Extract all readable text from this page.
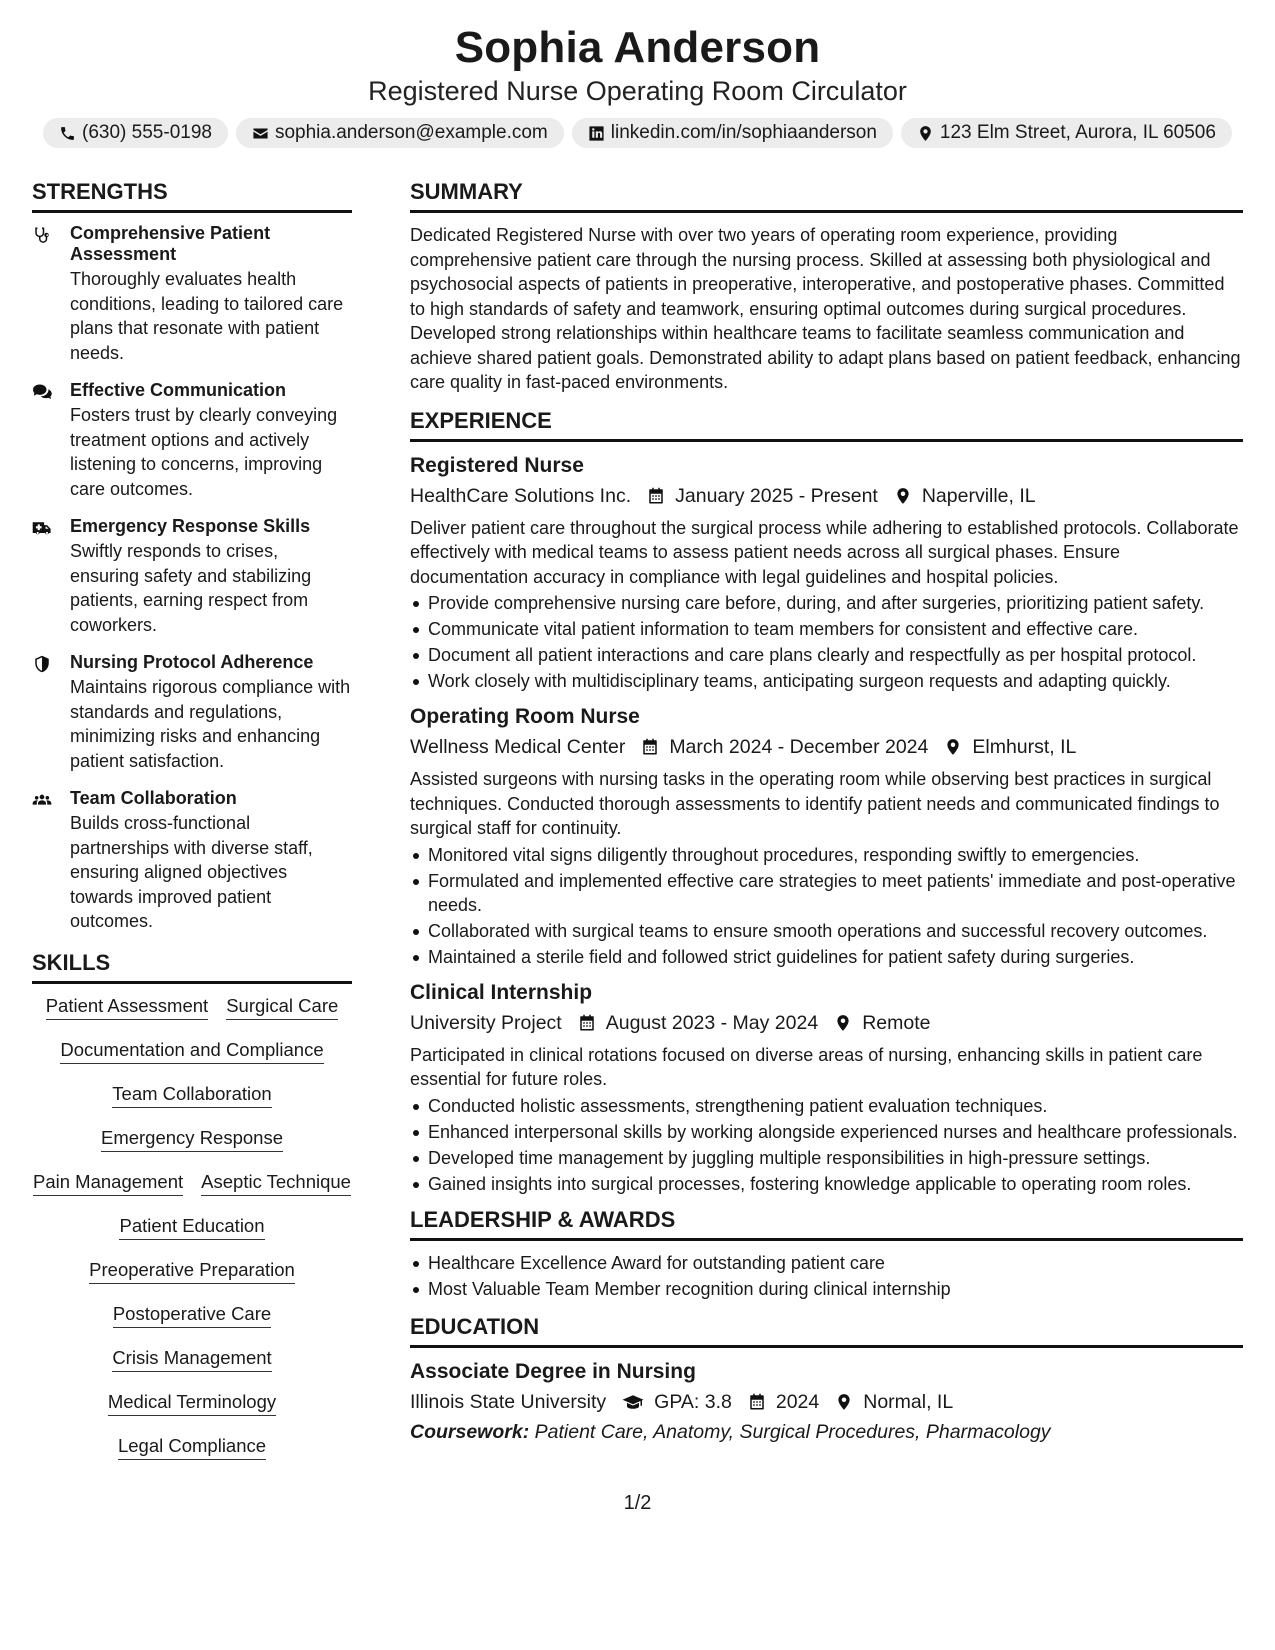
Sophia Anderson
Registered Nurse Operating Room Circulator
(630) 555-0198	sophia.anderson@example.com	linkedin.com/in/sophiaanderson	123 Elm Street, Aurora, IL 60506
STRENGTHS
Comprehensive Patient Assessment
Thoroughly evaluates health conditions, leading to tailored care plans that resonate with patient needs.
Effective Communication
Fosters trust by clearly conveying treatment options and actively listening to concerns, improving care outcomes.
Emergency Response Skills
Swiftly responds to crises, ensuring safety and stabilizing patients, earning respect from coworkers.
Nursing Protocol Adherence
Maintains rigorous compliance with standards and regulations, minimizing risks and enhancing patient satisfaction.
Team Collaboration
Builds cross-functional partnerships with diverse staff, ensuring aligned objectives towards improved patient outcomes.
SKILLS
Patient Assessment Surgical Care
Documentation and Compliance
Team Collaboration
Emergency Response
Pain Management Aseptic Technique
Patient Education
Preoperative Preparation
Postoperative Care
Crisis Management
Medical Terminology
Legal Compliance
SUMMARY
Dedicated Registered Nurse with over two years of operating room experience, providing comprehensive patient care through the nursing process. Skilled at assessing both physiological and psychosocial aspects of patients in preoperative, interoperative, and postoperative phases. Committed to high standards of safety and teamwork, ensuring optimal outcomes during surgical procedures. Developed strong relationships within healthcare teams to facilitate seamless communication and achieve shared patient goals. Demonstrated ability to adapt plans based on patient feedback, enhancing care quality in fast-paced environments.
EXPERIENCE
Registered Nurse
HealthCare Solutions Inc. January 2025 - Present Naperville, IL
Deliver patient care throughout the surgical process while adhering to established protocols. Collaborate effectively with medical teams to assess patient needs across all surgical phases. Ensure documentation accuracy in compliance with legal guidelines and hospital policies.
Provide comprehensive nursing care before, during, and after surgeries, prioritizing patient safety.
Communicate vital patient information to team members for consistent and effective care.
Document all patient interactions and care plans clearly and respectfully as per hospital protocol.
Work closely with multidisciplinary teams, anticipating surgeon requests and adapting quickly.
Operating Room Nurse
Wellness Medical Center March 2024 - December 2024 Elmhurst, IL
Assisted surgeons with nursing tasks in the operating room while observing best practices in surgical techniques. Conducted thorough assessments to identify patient needs and communicated findings to surgical staff for continuity.
Monitored vital signs diligently throughout procedures, responding swiftly to emergencies.
Formulated and implemented effective care strategies to meet patients' immediate and post-operative needs.
Collaborated with surgical teams to ensure smooth operations and successful recovery outcomes.
Maintained a sterile field and followed strict guidelines for patient safety during surgeries.
Clinical Internship
University Project August 2023 - May 2024 Remote
Participated in clinical rotations focused on diverse areas of nursing, enhancing skills in patient care essential for future roles.
Conducted holistic assessments, strengthening patient evaluation techniques.
Enhanced interpersonal skills by working alongside experienced nurses and healthcare professionals.
Developed time management by juggling multiple responsibilities in high-pressure settings.
Gained insights into surgical processes, fostering knowledge applicable to operating room roles.
LEADERSHIP & AWARDS
Healthcare Excellence Award for outstanding patient care
Most Valuable Team Member recognition during clinical internship
EDUCATION
Associate Degree in Nursing
Illinois State University GPA: 3.8 2024 Normal, IL
Coursework: Patient Care, Anatomy, Surgical Procedures, Pharmacology
1/2
